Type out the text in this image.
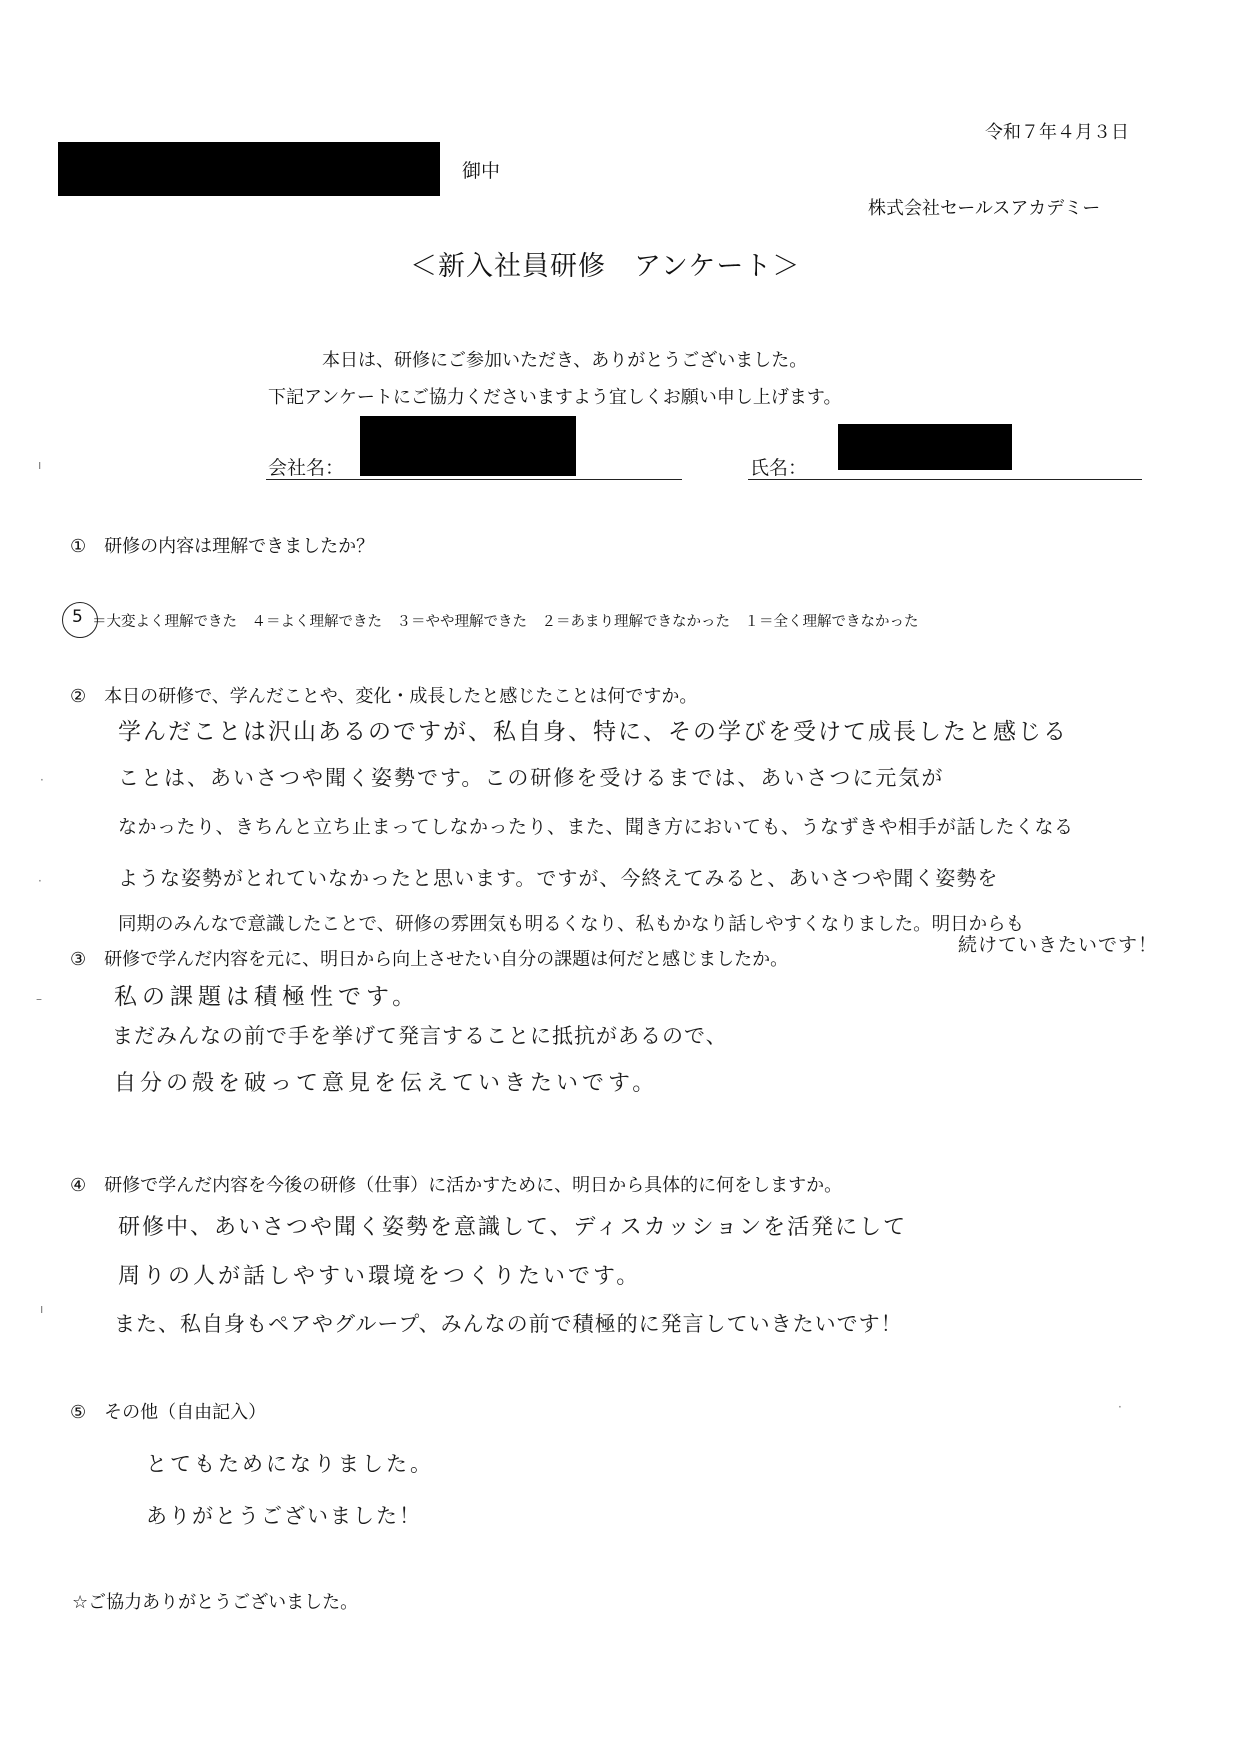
令和７年４月３日
御中
株式会社セールスアカデミー
＜新入社員研修　アンケート＞
本日は、研修にご参加いただき、ありがとうございました。
下記アンケートにご協力くださいますよう宜しくお願い申し上げます。
会社名：	氏名：
①　研修の内容は理解できましたか？
5 ＝大変よく理解できた　４＝よく理解できた　３＝やや理解できた　２＝あまり理解できなかった　１＝全く理解できなかった
②　本日の研修で、学んだことや、変化・成長したと感じたことは何ですか。
学んだことは沢山あるのですが、私自身、特に、その学びを受けて成長したと感じる
ことは、あいさつや聞く姿勢です。この研修を受けるまでは、あいさつに元気が
なかったり、きちんと立ち止まってしなかったり、また、聞き方においても、うなずきや相手が話したくなる
ような姿勢がとれていなかったと思います。ですが、今終えてみると、あいさつや聞く姿勢を
同期のみんなで意識したことで、研修の雰囲気も明るくなり、私もかなり話しやすくなりました。明日からも
続けていきたいです！
③　研修で学んだ内容を元に、明日から向上させたい自分の課題は何だと感じましたか。
私の課題は積極性です。
まだみんなの前で手を挙げて発言することに抵抗があるので、
自分の殻を破って意見を伝えていきたいです。
④　研修で学んだ内容を今後の研修（仕事）に活かすために、明日から具体的に何をしますか。
研修中、あいさつや聞く姿勢を意識して、ディスカッションを活発にして
周りの人が話しやすい環境をつくりたいです。
また、私自身もペアやグループ、みんなの前で積極的に発言していきたいです！
⑤　その他（自由記入）
とてもためになりました。
ありがとうございました！
☆ご協力ありがとうございました。
ı
·
·
–
ı
·
